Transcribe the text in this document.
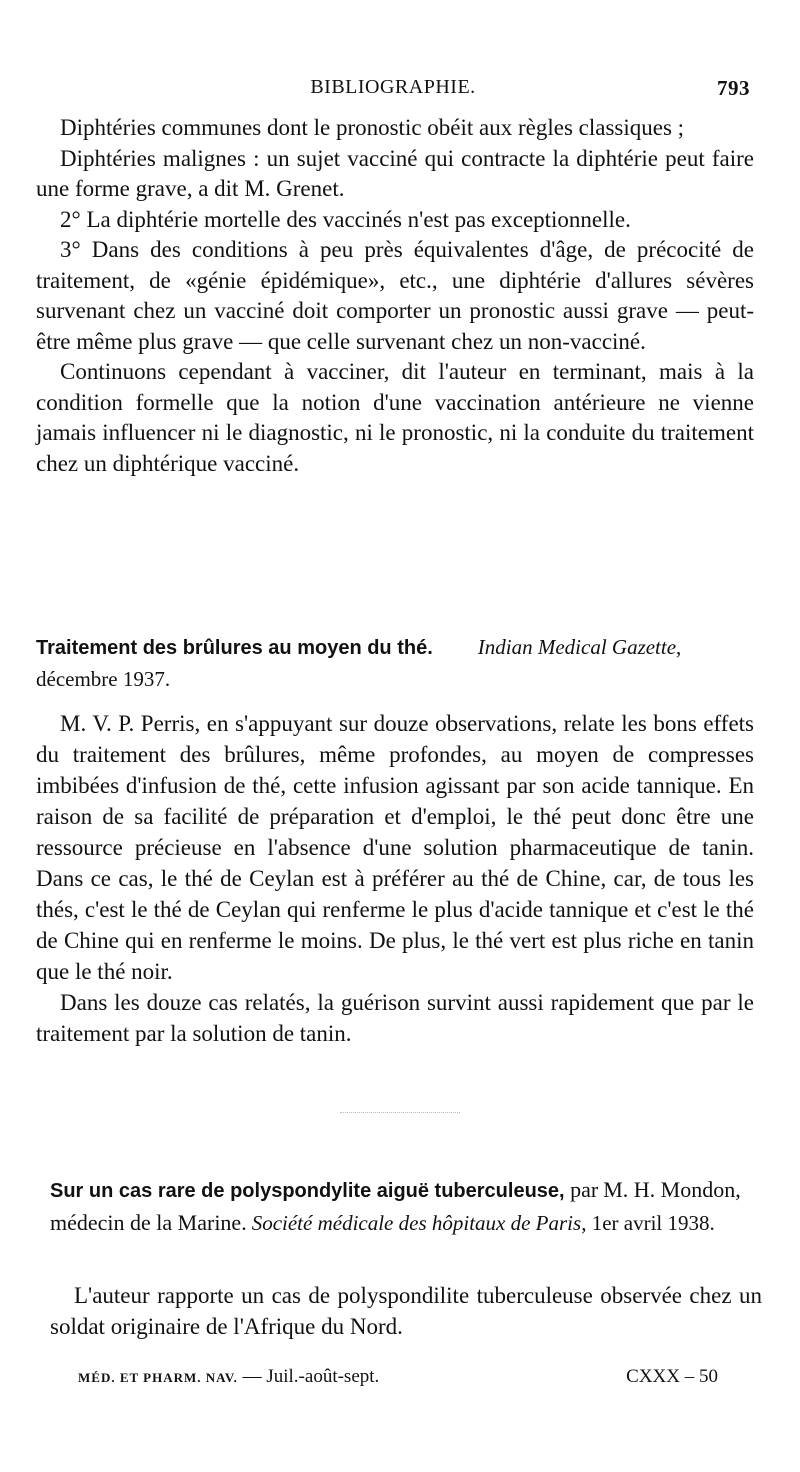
BIBLIOGRAPHIE.	793

Diphtéries communes dont le pronostic obéit aux règles classiques ;

Diphtéries malignes : un sujet vacciné qui contracte la diphtérie peut faire une forme grave, a dit M. Grenet.

2° La diphtérie mortelle des vaccinés n'est pas exceptionnelle.

3° Dans des conditions à peu près équivalentes d'âge, de précocité de traitement, de «génie épidémique», etc., une diphtérie d'allures sévères survenant chez un vacciné doit comporter un pronostic aussi grave — peut-être même plus grave — que celle survenant chez un non-vacciné.

Continuons cependant à vacciner, dit l'auteur en terminant, mais à la condition formelle que la notion d'une vaccination antérieure ne vienne jamais influencer ni le diagnostic, ni le pronostic, ni la conduite du traitement chez un diphtérique vacciné.

Traitement des brûlures au moyen du thé. Indian Medical Gazette, décembre 1937.

M. V. P. Perris, en s'appuyant sur douze observations, relate les bons effets du traitement des brûlures, même profondes, au moyen de compresses imbibées d'infusion de thé, cette infusion agissant par son acide tannique. En raison de sa facilité de préparation et d'emploi, le thé peut donc être une ressource précieuse en l'absence d'une solution pharmaceutique de tanin. Dans ce cas, le thé de Ceylan est à préférer au thé de Chine, car, de tous les thés, c'est le thé de Ceylan qui renferme le plus d'acide tannique et c'est le thé de Chine qui en renferme le moins. De plus, le thé vert est plus riche en tanin que le thé noir.

Dans les douze cas relatés, la guérison survint aussi rapidement que par le traitement par la solution de tanin.

Sur un cas rare de polyspondylite aiguë tuberculeuse, par M. H. Mondon, médecin de la Marine. Société médicale des hôpitaux de Paris, 1er avril 1938.

L'auteur rapporte un cas de polyspondilite tuberculeuse observée chez un soldat originaire de l'Afrique du Nord.

MÉD. ET PHARM. NAV. — Juil.-août-sept.	CXXX – 50
